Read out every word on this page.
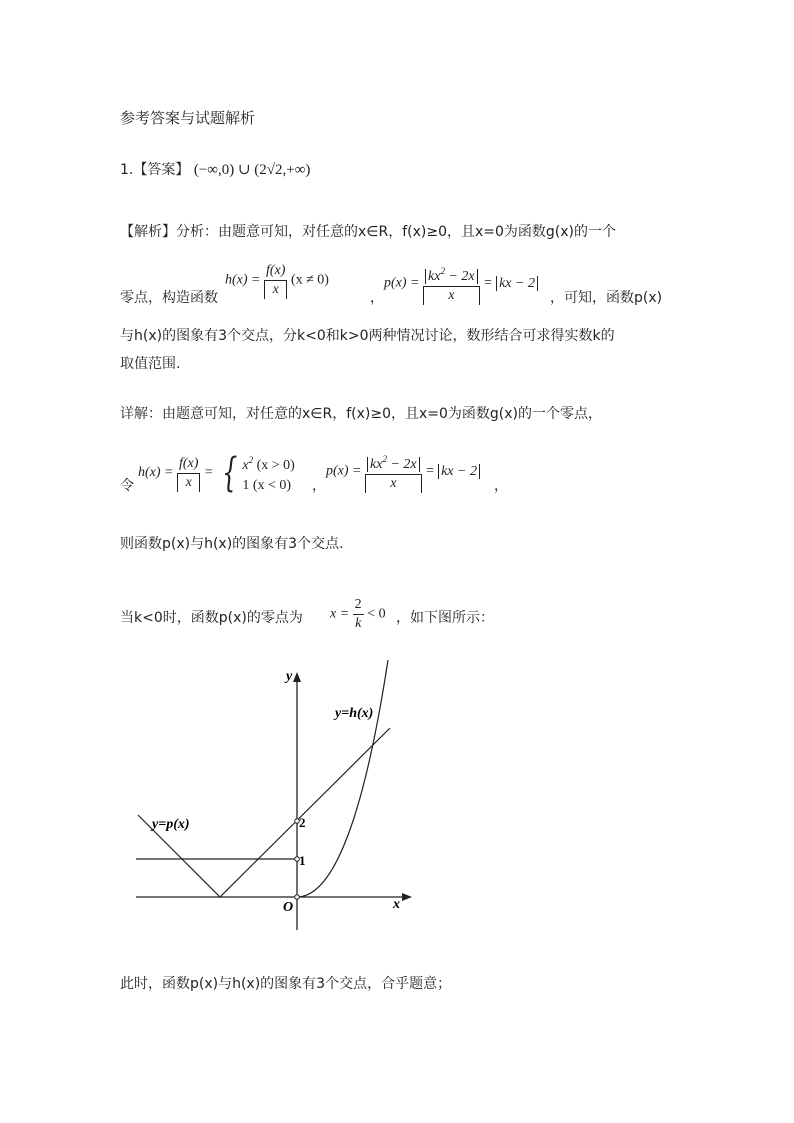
参考答案与试题解析
1.【答案】 (−∞,0) ∪ (2√2,+∞)
【解析】分析：由题意可知，对任意的x∈R，f(x)≥0，且x=0为函数g(x)的一个
零点，构造函数
$h(x) = \frac{f(x)}{x} (x \ne 0)$
，
$p(x) = \frac{kx^2 - 2x}{x}$ = kx − 2
，可知，函数p(x)
与h(x)的图象有3个交点，分k<0和k>0两种情况讨论，数形结合可求得实数k的
取值范围.
详解：由题意可知，对任意的x∈R，f(x)≥0，且x=0为函数g(x)的一个零点，
令
$h(x) = \frac{f(x)}{x}$ = { $x^2$ (x > 0)
1 (x < 0) ，
$p(x) = \frac{kx^2 - 2x}{x}$ = kx − 2
，
则函数p(x)与h(x)的图象有3个交点.
当k<0时，函数p(x)的零点为 $x = \frac{2}{k} < 0$ ，如下图所示：
y
x
O
y=h(x)
y=p(x)	2
1
此时，函数p(x)与h(x)的图象有3个交点，合乎题意；
